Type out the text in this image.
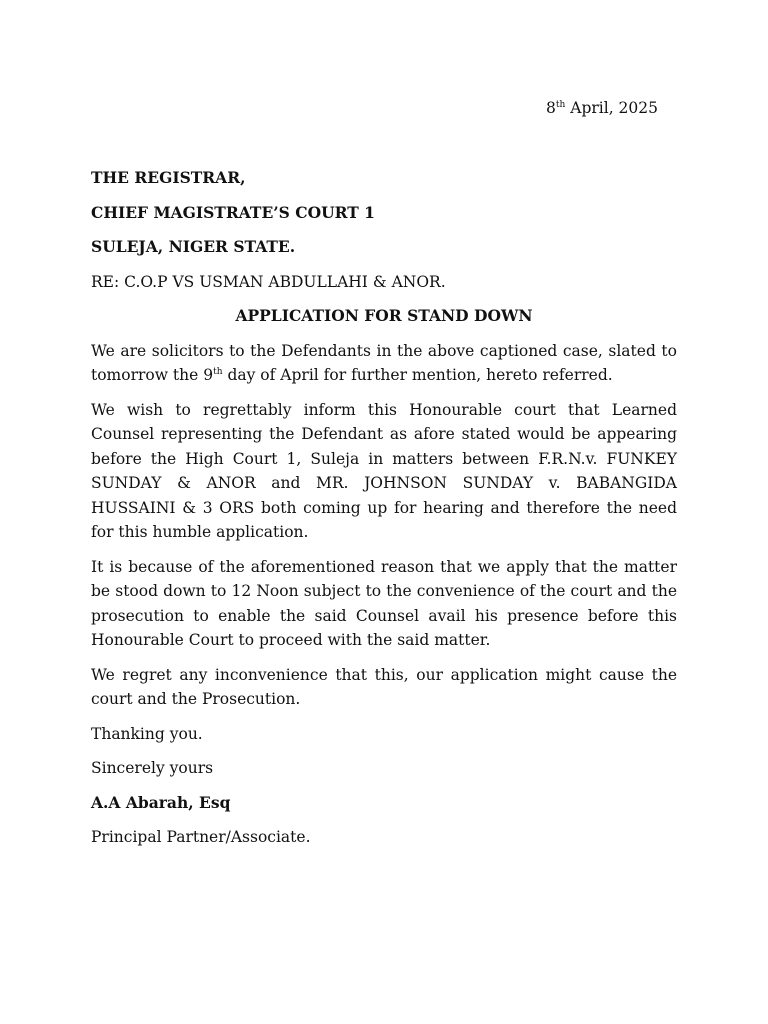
8th April, 2025
THE REGISTRAR,
CHIEF MAGISTRATE’S COURT 1
SULEJA, NIGER STATE.
RE: C.O.P VS USMAN ABDULLAHI & ANOR.
APPLICATION FOR STAND DOWN

We are solicitors to the Defendants in the above captioned case, slated to tomorrow the 9th day of April for further mention, hereto referred.

We wish to regrettably inform this Honourable court that Learned Counsel representing the Defendant as afore stated would be appearing before the High Court 1, Suleja in matters between F.R.N.v. FUNKEY SUNDAY & ANOR and MR. JOHNSON SUNDAY v. BABANGIDA HUSSAINI & 3 ORS both coming up for hearing and therefore the need for this humble application.

It is because of the aforementioned reason that we apply that the matter be stood down to 12 Noon subject to the convenience of the court and the prosecution to enable the said Counsel avail his presence before this Honourable Court to proceed with the said matter.

We regret any inconvenience that this, our application might cause the court and the Prosecution.

Thanking you.
Sincerely yours
A.A Abarah, Esq
Principal Partner/Associate.
